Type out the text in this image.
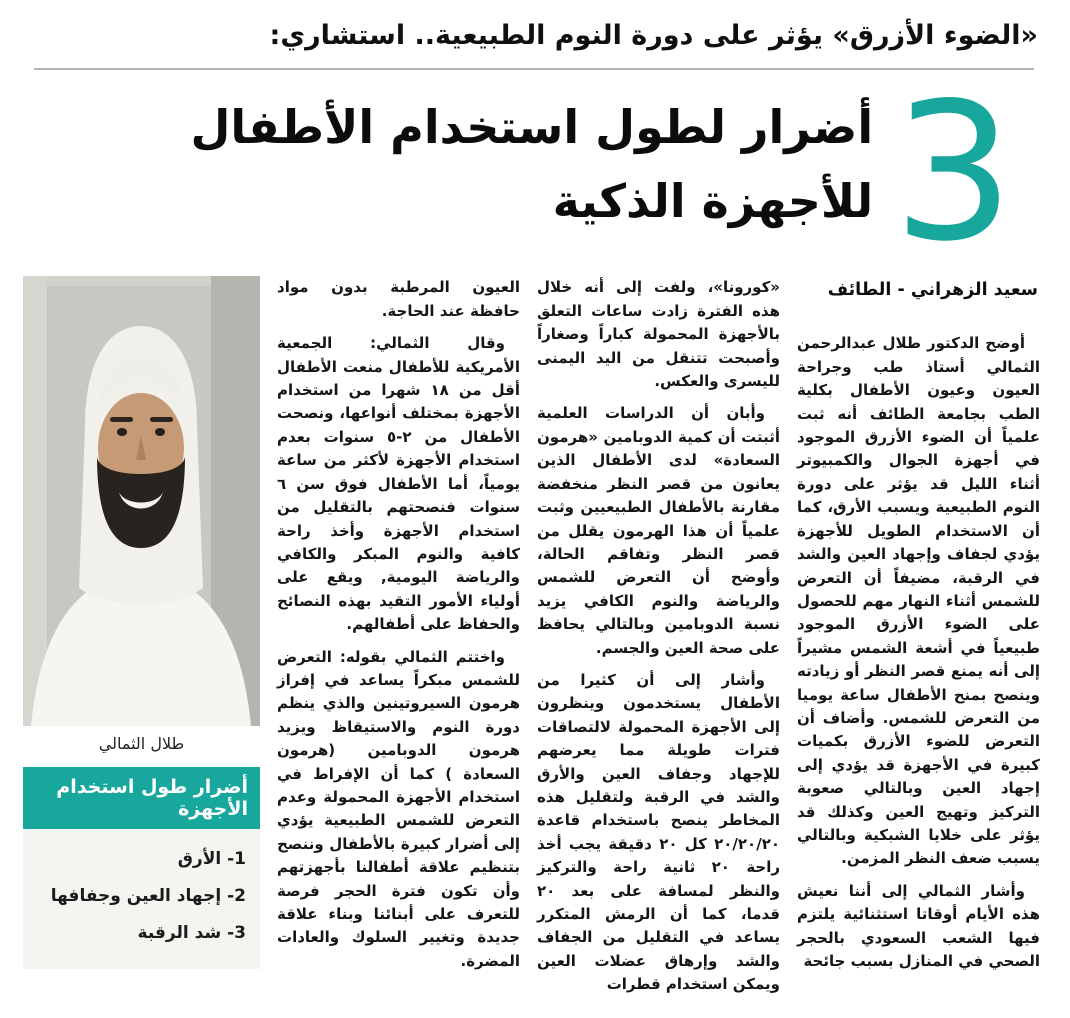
«الضوء الأزرق» يؤثر على دورة النوم الطبيعية.. استشاري:
3
أضرار لطول استخدام الأطفال
للأجهزة الذكية
سعيد الزهراني - الطائف

أوضح الدكتور طلال عبدالرحمن الثمالي أستاذ طب وجراحة العيون وعيون الأطفال بكلية الطب بجامعة الطائف أنه ثبت علمياً أن الضوء الأزرق الموجود في أجهزة الجوال والكمبيوتر أثناء الليل قد يؤثر على دورة النوم الطبيعية ويسبب الأرق، كما أن الاستخدام الطويل للأجهزة يؤدي لجفاف وإجهاد العين والشد في الرقبة، مضيفاً أن التعرض للشمس أثناء النهار مهم للحصول على الضوء الأزرق الموجود طبيعياً في أشعة الشمس مشيراً إلى أنه يمنع قصر النظر أو زيادته وينصح بمنح الأطفال ساعة يوميا من التعرض للشمس. وأضاف أن التعرض للضوء الأزرق بكميات كبيرة في الأجهزة قد يؤدي إلى إجهاد العين وبالتالي صعوبة التركيز وتهيج العين وكذلك قد يؤثر على خلايا الشبكية وبالتالي يسبب ضعف النظر المزمن.

وأشار الثمالي إلى أننا نعيش هذه الأيام أوقاتا استثنائية يلتزم فيها الشعب السعودي بالحجر الصحي في المنازل بسبب جائحة

«كورونا»، ولفت إلى أنه خلال هذه الفترة زادت ساعات التعلق بالأجهزة المحمولة كباراً وصغاراً وأصبحت تتنقل من اليد اليمنى لليسرى والعكس.

وأبان أن الدراسات العلمية أثبتت أن كمية الدوبامين «هرمون السعادة» لدى الأطفال الذين يعانون من قصر النظر منخفضة مقارنة بالأطفال الطبيعيين وثبت علمياً أن هذا الهرمون يقلل من قصر النظر وتفاقم الحالة، وأوضح أن التعرض للشمس والرياضة والنوم الكافي يزيد نسبة الدوبامين وبالتالي يحافظ على صحة العين والجسم.

وأشار إلى أن كثيرا من الأطفال يستخدمون وينظرون إلى الأجهزة المحمولة لالتصاقات فترات طويلة مما يعرضهم للإجهاد وجفاف العين والأرق والشد في الرقبة ولتقليل هذه المخاطر ينصح باستخدام قاعدة ٢٠/٢٠/٢٠ كل ٢٠ دقيقة يجب أخذ راحة ٢٠ ثانية راحة والتركيز والنظر لمسافة على بعد ٢٠ قدما، كما أن الرمش المتكرر يساعد في التقليل من الجفاف والشد وإرهاق عضلات العين ويمكن استخدام قطرات

العيون المرطبة بدون مواد حافظة عند الحاجة.

وقال الثمالي: الجمعية الأمريكية للأطفال منعت الأطفال أقل من ١٨ شهرا من استخدام الأجهزة بمختلف أنواعها، ونصحت الأطفال من ٢-٥ سنوات بعدم استخدام الأجهزة لأكثر من ساعة يومياً، أما الأطفال فوق سن ٦ سنوات فنصحتهم بالتقليل من استخدام الأجهزة وأخذ راحة كافية والنوم المبكر والكافي والرياضة اليومية, ويقع على أولياء الأمور التقيد بهذه النصائح والحفاظ على أطفالهم.

واختتم الثمالي بقوله: التعرض للشمس مبكراً يساعد في إفراز هرمون السيروتينين والذي ينظم دورة النوم والاستيقاظ ويزيد هرمون الدوبامين (هرمون السعادة ) كما أن الإفراط في استخدام الأجهزة المحمولة وعدم التعرض للشمس الطبيعية يؤدي إلى أضرار كبيرة بالأطفال وننصح بتنظيم علاقة أطفالنا بأجهزتهم وأن تكون فترة الحجر فرصة للتعرف على أبنائنا وبناء علاقة جديدة وتغيير السلوك والعادات المضرة.

طلال الثمالي
أضرار طول استخدام الأجهزة
1- الأرق
2- إجهاد العين وجفافها
3- شد الرقبة
